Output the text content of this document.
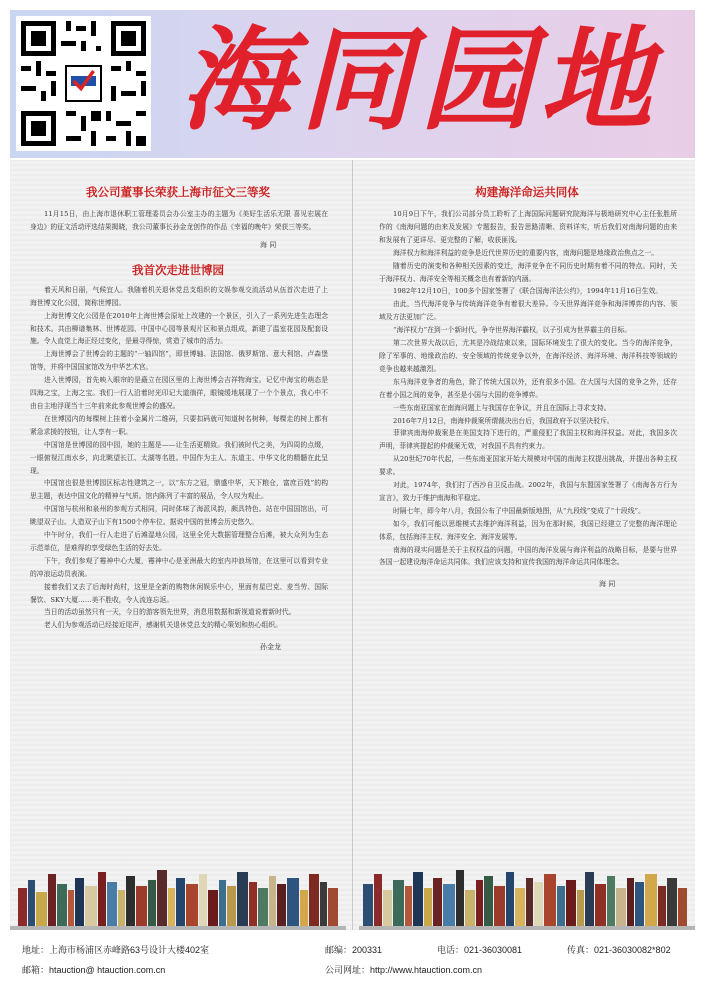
海同园地
我公司董事长荣获上海市征文三等奖

11月15日，由上海市退休职工管理委员会办公室主办的主题为《美好生活乐无限 喜见宏展在身边》的征文活动评选结果揭晓，我公司董事长孙金龙创作的作品《幸福的晚年》荣获三等奖。

海 同
我首次走进世博园

着天风和日丽，气候宜人。我随着机关退休党总支组织的文娱参观交流活动从伍首次走进了上海世博文化公园，简称世博园。

上海世博文化公园是在2010年上海世博会原址上改建的一个景区，引入了一系列先进生态理念和技术。共由柳谱集林、世博花园、中国中心园等景观片区和景点组成，新建了温室花园及配套设施。令人直觉上海正经过变化，是最寻得惊，赏造了城市的活力。

上海世博会了世博会的主题的“一轴四馆”，即世博轴、法国馆、俄罗斯馆、意大利馆、卢森堡馆等，并将中国国家馆改为中华艺术宫。

进入世博园，首先映入眼帘的是矗立在园区里的上海世博会吉祥物海宝。记忆中海宝的萌态是四海之宝，上海之宝。我们一行人沿着时光印记大道徜徉，眼镜缓地展现了一个个景点，我心中不由自主地浮现当十三年前来此参观世博会的盛况。

在世博园内的每棵树上挂着小金属片二维码，只要扣码就可知道树名树种，每棵走的树上都有紧急求援的按钮，让人享有一职。

中国馆是世博园的园中园，她的主题是——让生活更精致。我们被时代之美，为四周的点缀，一眼俯视江南水乡，向北眺望长江、太湖等名胜。中国作为主人、东道主、中华文化的精髓在此呈现。

中国馆也很是世博园区标志性建筑之一，以“东方之冠，鼎盛中华，天下粮仓，富庶百姓”的构思主题，表达中国文化的精神与气质。馆内陈列了丰富的展品，令人叹为观止。

中国馆与杭州和泉州的参观方式相同，同时体味了海派风韵，颇具特色。站在中国国馆出，可眺望双子山。人造双子山下有1500个停车位。据说中国的世博会历史悠久。

中午时分，我们一行人走进了后滩湿地公园，这里全凭大数据管理整合后滩，被大众列为生态示范单位，是难得的享受绿色生活的好去处。

下午，我们参观了霉神中心大厦，霉神中心是亚洲最大的室内冲浪场馆，在这里可以看到专业的冲浪运动员表演。

接着我们又去了后海时尚村，这里是全新的购物休闲娱乐中心，里面有星巴克、麦当劳、国际餐饮、SKY大厦……美不胜收，令人流连忘返。

当日的活动虽然只有一天，今日的游客领先世界，消息用数据和新视道说着新时代。

老人们为参观活动已经接近尾声，感谢机关退休党总支的精心策划和热心组织。

孙金龙
构建海洋命运共同体

10月9日下午，我们公司部分员工聆听了上海国际问题研究院海洋与极地研究中心主任张胜所作的《南海问题的由来及发展》专题报告，报告思路清晰、资料详实，听后我们对南海问题的由来和发展有了更详尽、更完整的了解，收获匪浅。

海洋权力和海洋利益的竞争是近代世界历史的重要内容，南海问题是地缘政治焦点之一。

随着历史的演变和各种相关因素的变迁，海洋竞争在不同历史时期有着不同的特点。同时，关于海洋权力、海洋安全等相关概念也有着新的内涵。

1982年12月10日，100多个国家签署了《联合国海洋法公约》，1994年11月16日生效。

由此，当代海洋竞争与传统海洋竞争有着很大差异。今天世界海洋竞争和海洋博弈的内容、领域及方法更加广泛。

“海洋权力”在到一个新时代，争夺世界海洋霸权，以子引成为世界霸主的目标。

第二次世界大战以后，尤其是冷战结束以来，国际环境发生了很大的变化。当今的海洋竞争，除了军事的、地缘政治的、安全领域的传统竞争以外，在海洋经济、海洋环境、海洋科技等领域的竞争也越来越激烈。

东马海洋竞争者的角色，除了传统大国以外，还有很多小国。在大国与大国的竞争之外，还存在着小国之间的竞争，甚至是小国与大国的竞争博弈。

一些东南亚国家在南海问题上与我国存在争议，并且在国际上寻求支持。

2016年7月12日，南海仲裁案所谓裁决出台后，我国政府予以坚决驳斥。

菲律宾南海仲裁案是在美国支持下进行的，严重侵犯了我国主权和海洋权益。对此，我国多次声明，菲律宾提起的仲裁案无效，对我国不具有约束力。

从20世纪70年代起，一些东南亚国家开始大规模对中国的南海主权提出挑战，并提出各种主权要求。

对此，1974年，我们打了西沙自卫反击战。2002年，我国与东盟国家签署了《南海各方行为宣言》，致力于维护南海和平稳定。

时隔七年，即今年八月，我国公布了中国最新版地图，从“九段线”变成了“十段线”。

如今，我们可能以思维模式去维护海洋利益，因为在那时候，我国已经建立了完整的海洋理论体系，包括海洋主权、海洋安全、海洋发展等。

南海的现实问题是关于主权权益的问题，中国的海洋发展与海洋利益的战略目标，是要与世界各国一起建设海洋命运共同体。我们应该支持和宣传我国的海洋命运共同体理念。

海 同
地址：上海市杨浦区赤峰路63号设计大楼402室	邮编：200331	电话：021-36030081	传真：021-36030082*802
邮箱：htauction@ htauction.com.cn	公司网址：http://www.htauction.com.cn
